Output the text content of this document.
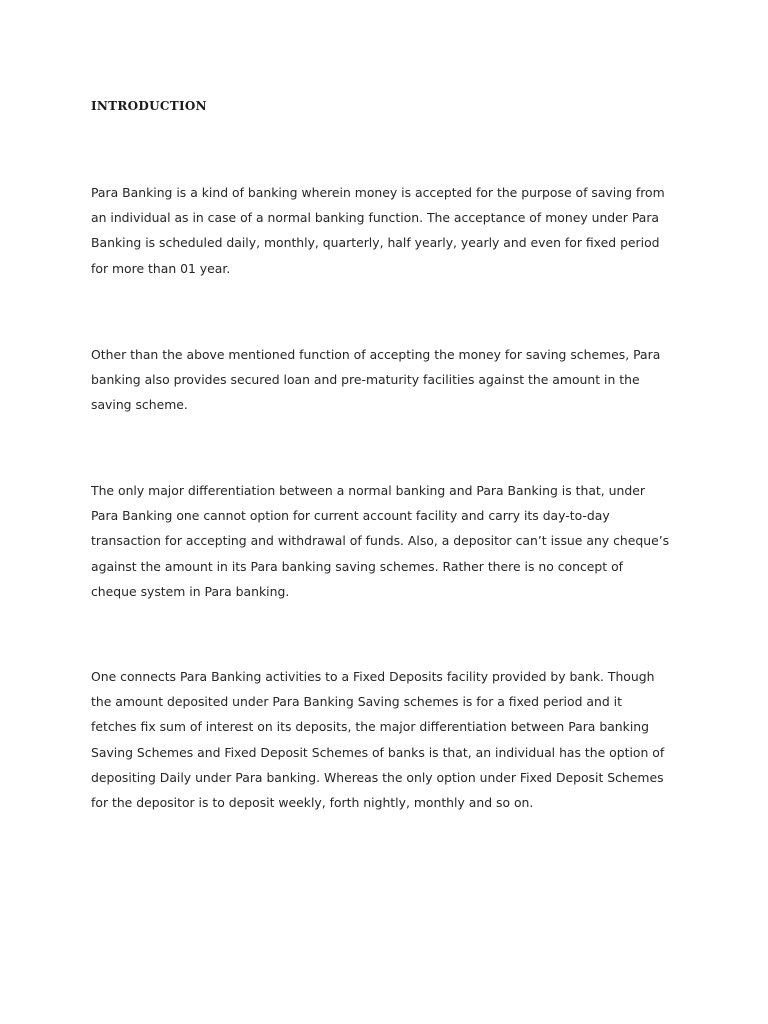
INTRODUCTION

Para Banking is a kind of banking wherein money is accepted for the purpose of saving from
an individual as in case of a normal banking function. The acceptance of money under Para
Banking is scheduled daily, monthly, quarterly, half yearly, yearly and even for fixed period
for more than 01 year.

Other than the above mentioned function of accepting the money for saving schemes, Para
banking also provides secured loan and pre-maturity facilities against the amount in the
saving scheme.

The only major differentiation between a normal banking and Para Banking is that, under
Para Banking one cannot option for current account facility and carry its day-to-day
transaction for accepting and withdrawal of funds. Also, a depositor can’t issue any cheque’s
against the amount in its Para banking saving schemes. Rather there is no concept of
cheque system in Para banking.

One connects Para Banking activities to a Fixed Deposits facility provided by bank. Though
the amount deposited under Para Banking Saving schemes is for a fixed period and it
fetches fix sum of interest on its deposits, the major differentiation between Para banking
Saving Schemes and Fixed Deposit Schemes of banks is that, an individual has the option of
depositing Daily under Para banking. Whereas the only option under Fixed Deposit Schemes
for the depositor is to deposit weekly, forth nightly, monthly and so on.
